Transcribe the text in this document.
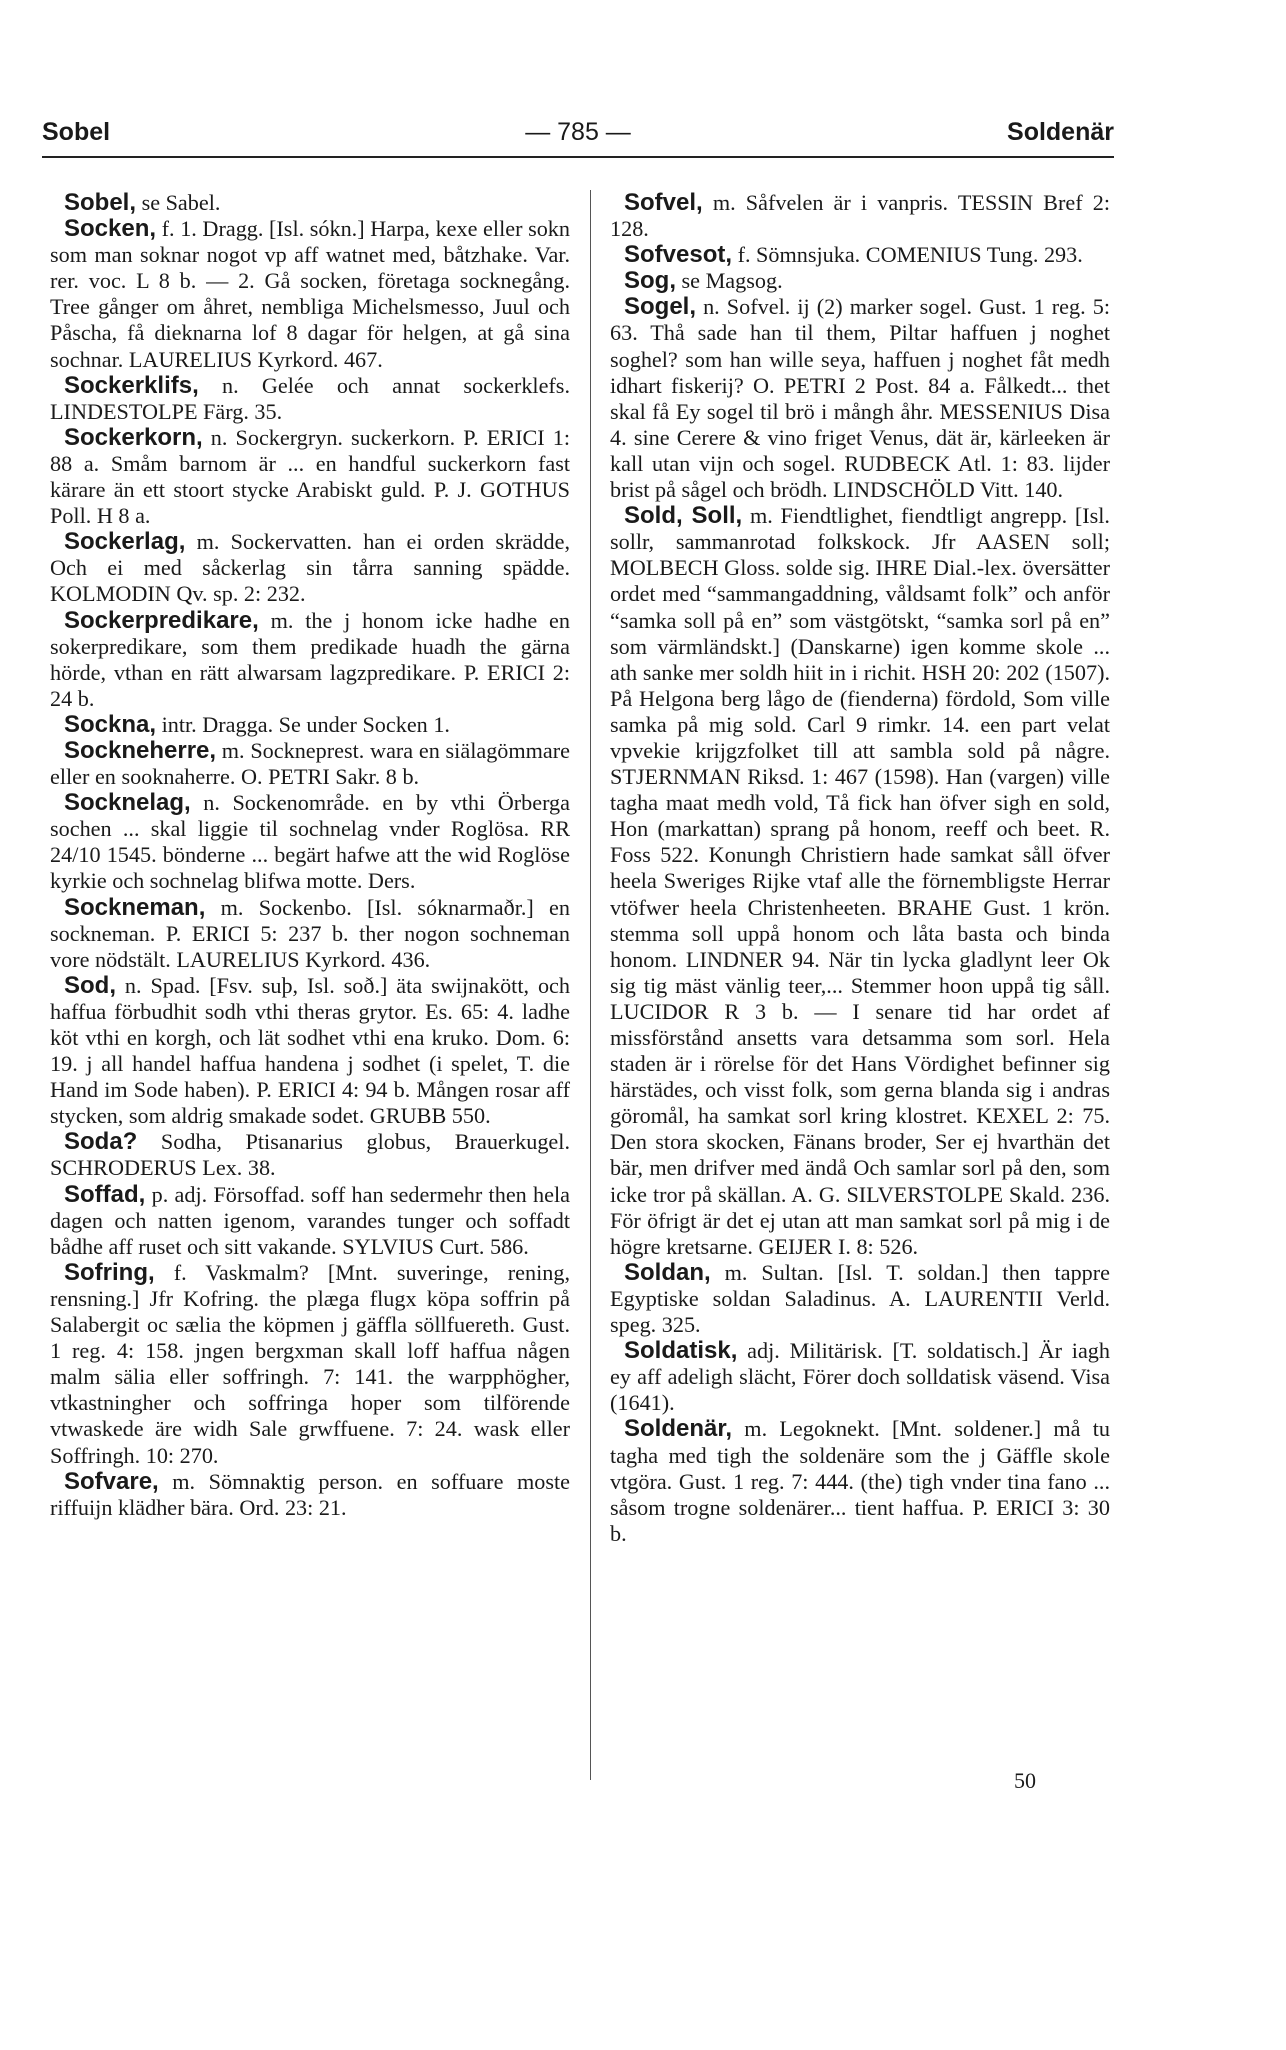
Sobel	— 785 —	Soldenär
Sobel, se Sabel.
Socken, f. 1. Dragg. [Isl. sókn.] Harpa, kexe eller sokn som man soknar nogot vp aff watnet med, båtzhake. Var. rer. voc. L 8 b. — 2. Gå socken, företaga socknegång. Tree gånger om åhret, nembliga Michelsmesso, Juul och Påscha, få dieknarna lof 8 dagar för helgen, at gå sina sochnar. LAURELIUS Kyrkord. 467.
Sockerklifs, n. Gelée och annat sockerklefs. LINDESTOLPE Färg. 35.
Sockerkorn, n. Sockergryn. suckerkorn. P. ERICI 1: 88 a. Småm barnom är ... en handful suckerkorn fast kärare än ett stoort stycke Arabiskt guld. P. J. GOTHUS Poll. H 8 a.
Sockerlag, m. Sockervatten. han ei orden skrädde, Och ei med såckerlag sin tårra sanning spädde. KOLMODIN Qv. sp. 2: 232.
Sockerpredikare, m. the j honom icke hadhe en sokerpredikare, som them predikade huadh the gärna hörde, vthan en rätt alwarsam lagzpredikare. P. ERICI 2: 24 b.
Sockna, intr. Dragga. Se under Socken 1.
Sockneherre, m. Sockneprest. wara en siälagömmare eller en sooknaherre. O. PETRI Sakr. 8 b.
Socknelag, n. Sockenområde. en by vthi Örberga sochen ... skal liggie til sochnelag vnder Roglösa. RR 24/10 1545. bönderne ... begärt hafwe att the wid Roglöse kyrkie och sochnelag blifwa motte. Ders.
Sockneman, m. Sockenbo. [Isl. sóknarmaðr.] en sockneman. P. ERICI 5: 237 b. ther nogon sochneman vore nödstält. LAURELIUS Kyrkord. 436.
Sod, n. Spad. [Fsv. suþ, Isl. soð.] äta swijnakött, och haffua förbudhit sodh vthi theras grytor. Es. 65: 4. ladhe köt vthi en korgh, och lät sodhet vthi ena kruko. Dom. 6: 19. j all handel haffua handena j sodhet (i spelet, T. die Hand im Sode haben). P. ERICI 4: 94 b. Mången rosar aff stycken, som aldrig smakade sodet. GRUBB 550.
Soda? Sodha, Ptisanarius globus, Brauerkugel. SCHRODERUS Lex. 38.
Soffad, p. adj. Försoffad. soff han sedermehr then hela dagen och natten igenom, varandes tunger och soffadt bådhe aff ruset och sitt vakande. SYLVIUS Curt. 586.
Sofring, f. Vaskmalm? [Mnt. suveringe, rening, rensning.] Jfr Kofring. the plæga flugx köpa soffrin på Salabergit oc sælia the köpmen j gäffla söllfuereth. Gust. 1 reg. 4: 158. jngen bergxman skall loff haffua någen malm sälia eller soffringh. 7: 141. the warpphögher, vtkastningher och soffringa hoper som tilförende vtwaskede äre widh Sale grwffuene. 7: 24. wask eller Soffringh. 10: 270.
Sofvare, m. Sömnaktig person. en soffuare moste riffuijn klädher bära. Ord. 23: 21.
Sofvel, m. Såfvelen är i vanpris. TESSIN Bref 2: 128.
Sofvesot, f. Sömnsjuka. COMENIUS Tung. 293.
Sog, se Magsog.
Sogel, n. Sofvel. ij (2) marker sogel. Gust. 1 reg. 5: 63. Thå sade han til them, Piltar haffuen j noghet soghel? som han wille seya, haffuen j noghet fåt medh idhart fiskerij? O. PETRI 2 Post. 84 a. Fålkedt... thet skal få Ey sogel til brö i mångh åhr. MESSENIUS Disa 4. sine Cerere & vino friget Venus, dät är, kärleeken är kall utan vijn och sogel. RUDBECK Atl. 1: 83. lijder brist på sågel och brödh. LINDSCHÖLD Vitt. 140.
Sold, Soll, m. Fiendtlighet, fiendtligt angrepp. [Isl. sollr, sammanrotad folkskock. Jfr AASEN soll; MOLBECH Gloss. solde sig. IHRE Dial.-lex. översätter ordet med “sammangaddning, våldsamt folk” och anför “samka soll på en” som västgötskt, “samka sorl på en” som värmländskt.] (Danskarne) igen komme skole ... ath sanke mer soldh hiit in i richit. HSH 20: 202 (1507). På Helgona berg lågo de (fienderna) fördold, Som ville samka på mig sold. Carl 9 rimkr. 14. een part velat vpvekie krijgzfolket till att sambla sold på någre. STJERNMAN Riksd. 1: 467 (1598). Han (vargen) ville tagha maat medh vold, Tå fick han öfver sigh en sold, Hon (markattan) sprang på honom, reeff och beet. R. Foss 522. Konungh Christiern hade samkat såll öfver heela Sweriges Rijke vtaf alle the förnembligste Herrar vtöfwer heela Christenheeten. BRAHE Gust. 1 krön. stemma soll uppå honom och låta basta och binda honom. LINDNER 94. När tin lycka gladlynt leer Ok sig tig mäst vänlig teer,... Stemmer hoon uppå tig såll. LUCIDOR R 3 b. — I senare tid har ordet af missförstånd ansetts vara detsamma som sorl. Hela staden är i rörelse för det Hans Vördighet befinner sig härstädes, och visst folk, som gerna blanda sig i andras göromål, ha samkat sorl kring klostret. KEXEL 2: 75. Den stora skocken, Fänans broder, Ser ej hvarthän det bär, men drifver med ändå Och samlar sorl på den, som icke tror på skällan. A. G. SILVERSTOLPE Skald. 236. För öfrigt är det ej utan att man samkat sorl på mig i de högre kretsarne. GEIJER I. 8: 526.
Soldan, m. Sultan. [Isl. T. soldan.] then tappre Egyptiske soldan Saladinus. A. LAURENTII Verld. speg. 325.
Soldatisk, adj. Militärisk. [T. soldatisch.] Är iagh ey aff adeligh slächt, Förer doch solldatisk väsend. Visa (1641).
Soldenär, m. Legoknekt. [Mnt. soldener.] må tu tagha med tigh the soldenäre som the j Gäffle skole vtgöra. Gust. 1 reg. 7: 444. (the) tigh vnder tina fano ... såsom trogne soldenärer... tient haffua. P. ERICI 3: 30 b.
50
